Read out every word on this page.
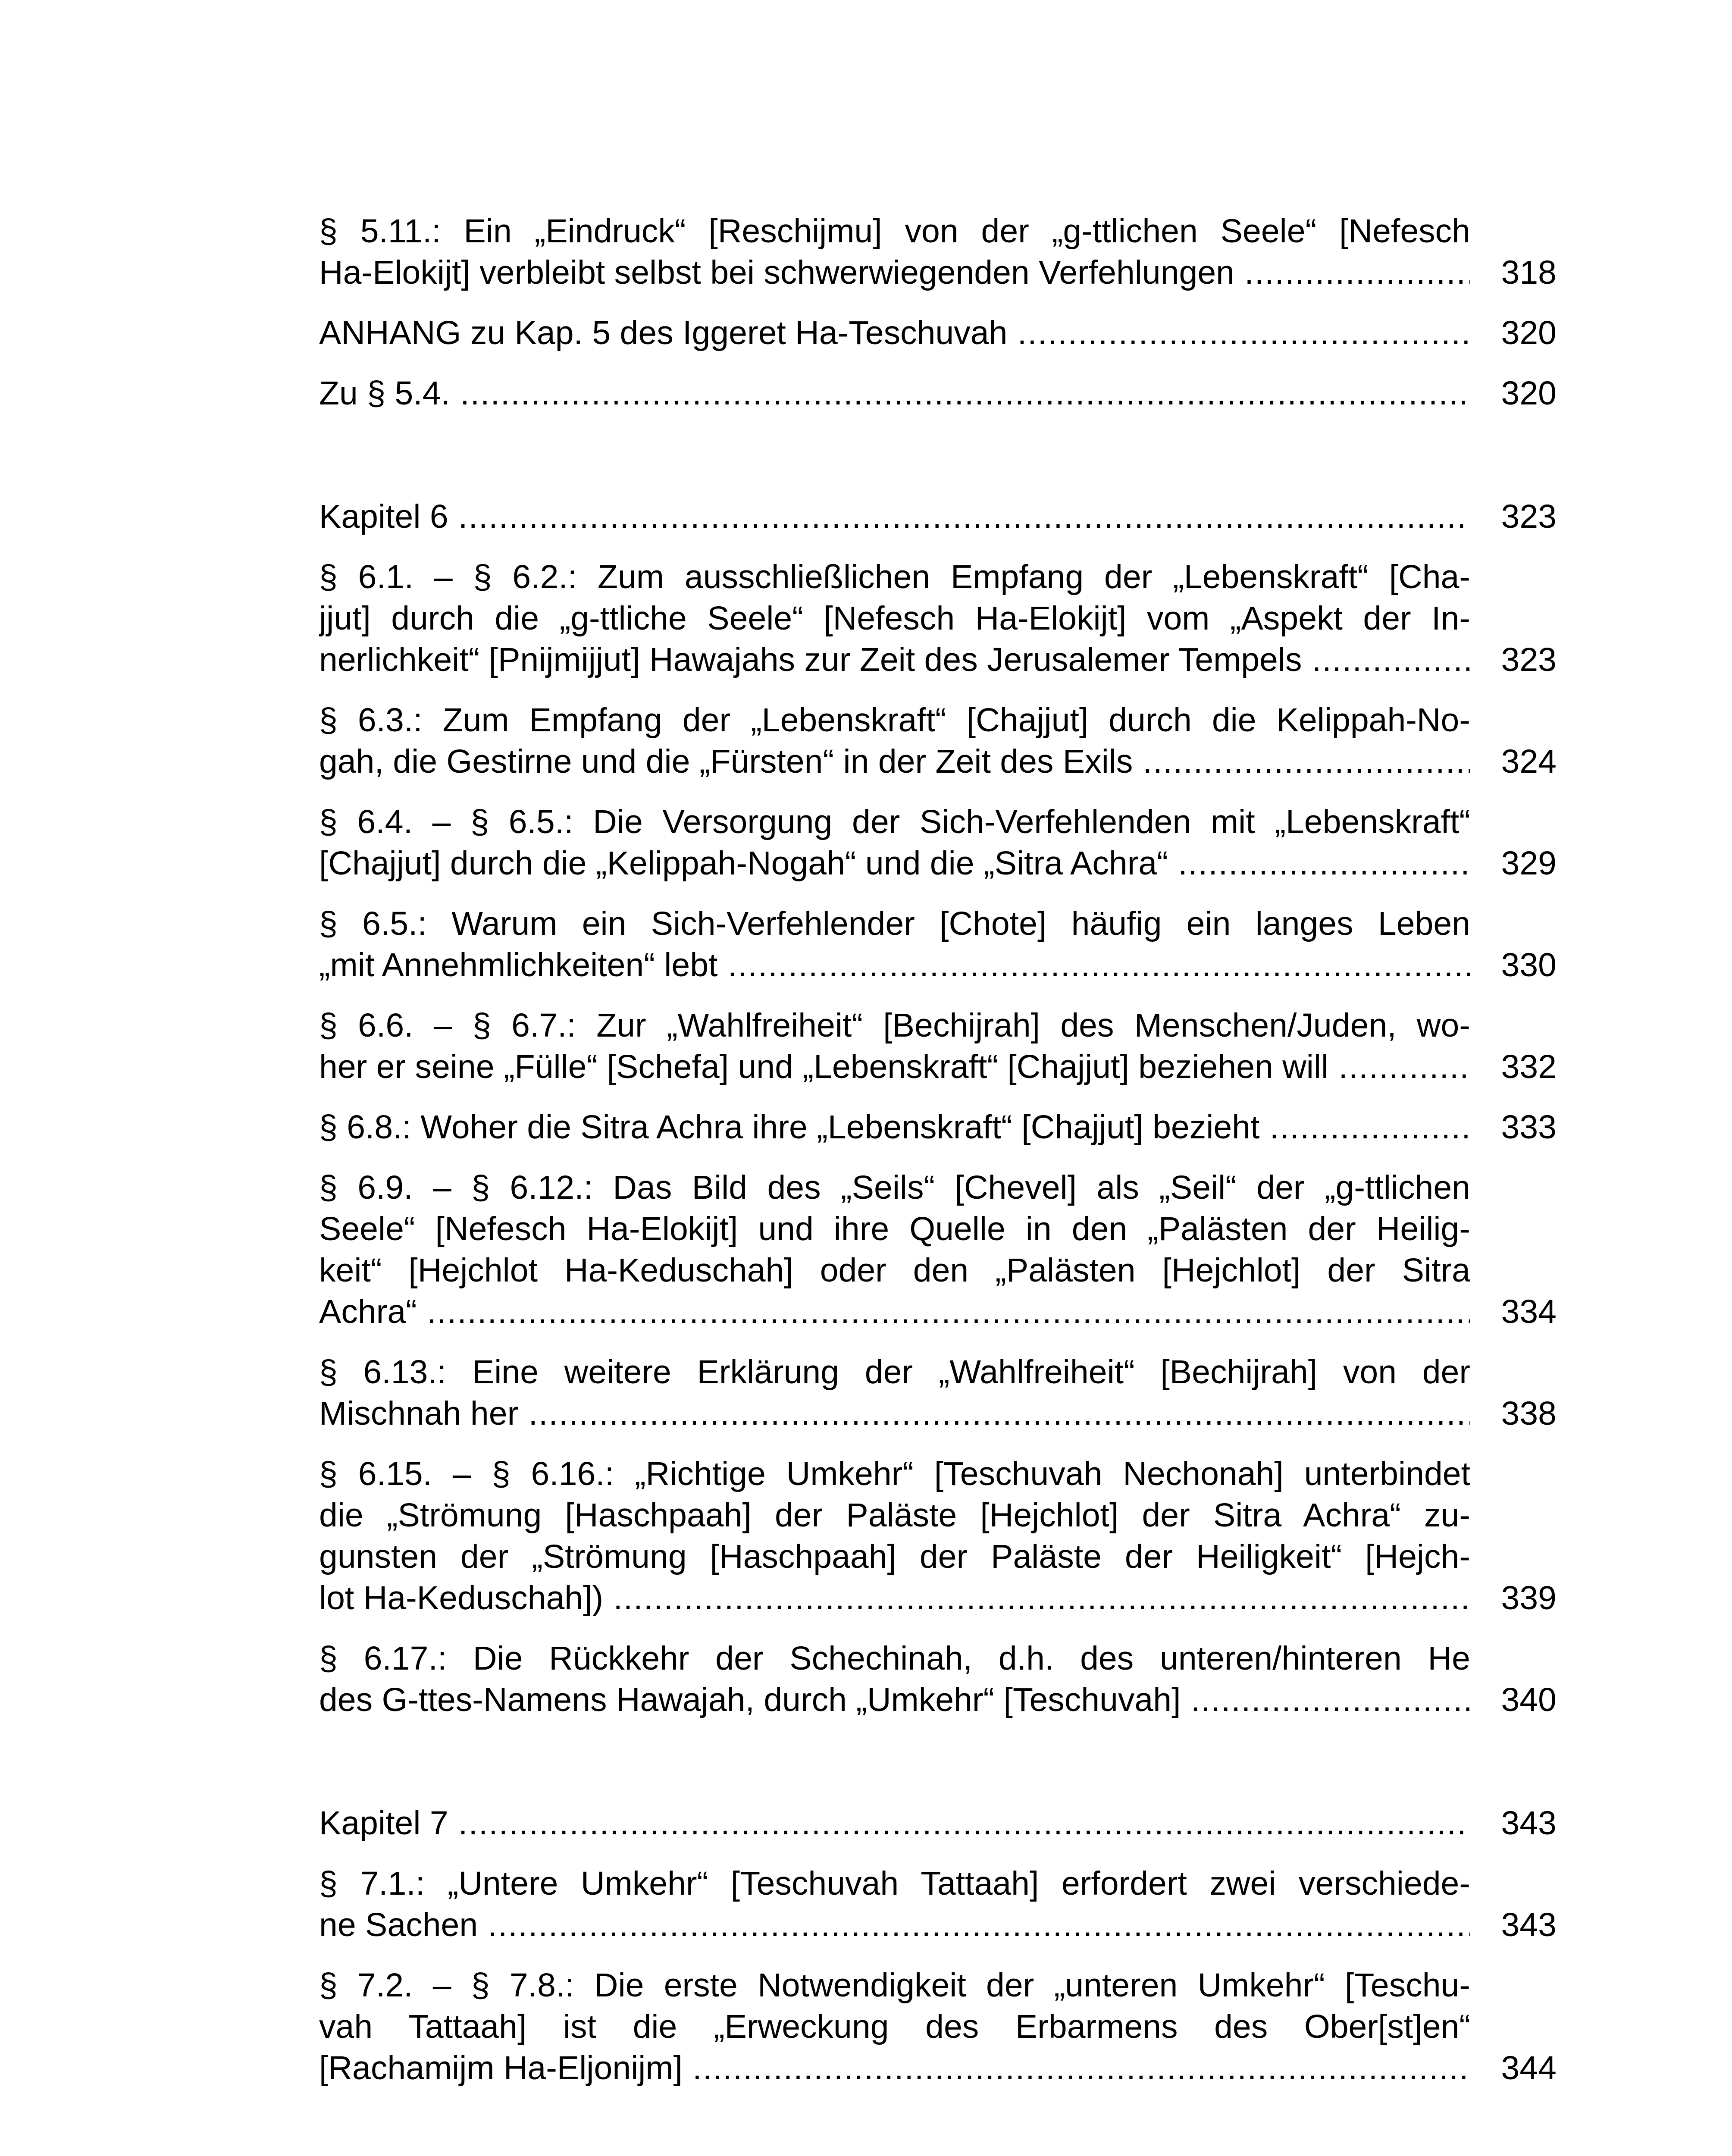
§ 5.11.: Ein „Eindruck“ [Reschijmu] von der „g-ttlichen Seele“ [Nefesch
Ha-Elokijt] verbleibt selbst bei schwerwiegenden Verfehlungen .....	318
ANHANG zu Kap. 5 des Iggeret Ha-Teschuvah .....	320
Zu § 5.4. .....	320
Kapitel 6 .....	323
§ 6.1. – § 6.2.: Zum ausschließlichen Empfang der „Lebenskraft“ [Cha-
jjut] durch die „g-ttliche Seele“ [Nefesch Ha-Elokijt] vom „Aspekt der In-
nerlichkeit“ [Pnijmijjut] Hawajahs zur Zeit des Jerusalemer Tempels .....	323
§ 6.3.: Zum Empfang der „Lebenskraft“ [Chajjut] durch die Kelippah-No-
gah, die Gestirne und die „Fürsten“ in der Zeit des Exils .....	324
§ 6.4. – § 6.5.: Die Versorgung der Sich-Verfehlenden mit „Lebenskraft“
[Chajjut] durch die „Kelippah-Nogah“ und die „Sitra Achra“ .....	329
§ 6.5.: Warum ein Sich-Verfehlender [Chote] häufig ein langes Leben
„mit Annehmlichkeiten“ lebt .....	330
§ 6.6. – § 6.7.: Zur „Wahlfreiheit“ [Bechijrah] des Menschen/Juden, wo-
her er seine „Fülle“ [Schefa] und „Lebenskraft“ [Chajjut] beziehen will .....	332
§ 6.8.: Woher die Sitra Achra ihre „Lebenskraft“ [Chajjut] bezieht .....	333
§ 6.9. – § 6.12.: Das Bild des „Seils“ [Chevel] als „Seil“ der „g-ttlichen
Seele“ [Nefesch Ha-Elokijt] und ihre Quelle in den „Palästen der Heilig-
keit“ [Hejchlot Ha-Keduschah] oder den „Palästen [Hejchlot] der Sitra
Achra“ .....	334
§ 6.13.: Eine weitere Erklärung der „Wahlfreiheit“ [Bechijrah] von der
Mischnah her .....	338
§ 6.15. – § 6.16.: „Richtige Umkehr“ [Teschuvah Nechonah] unterbindet
die „Strömung [Haschpaah] der Paläste [Hejchlot] der Sitra Achra“ zu-
gunsten der „Strömung [Haschpaah] der Paläste der Heiligkeit“ [Hejch-
lot Ha-Keduschah]) .....	339
§ 6.17.: Die Rückkehr der Schechinah, d.h. des unteren/hinteren He
des G-ttes-Namens Hawajah, durch „Umkehr“ [Teschuvah] .....	340
Kapitel 7 .....	343
§ 7.1.: „Untere Umkehr“ [Teschuvah Tattaah] erfordert zwei verschiede-
ne Sachen .....	343
§ 7.2. – § 7.8.: Die erste Notwendigkeit der „unteren Umkehr“ [Teschu-
vah Tattaah] ist die „Erweckung des Erbarmens des Ober[st]en“
[Rachamijm Ha-Eljonijm] .....	344
